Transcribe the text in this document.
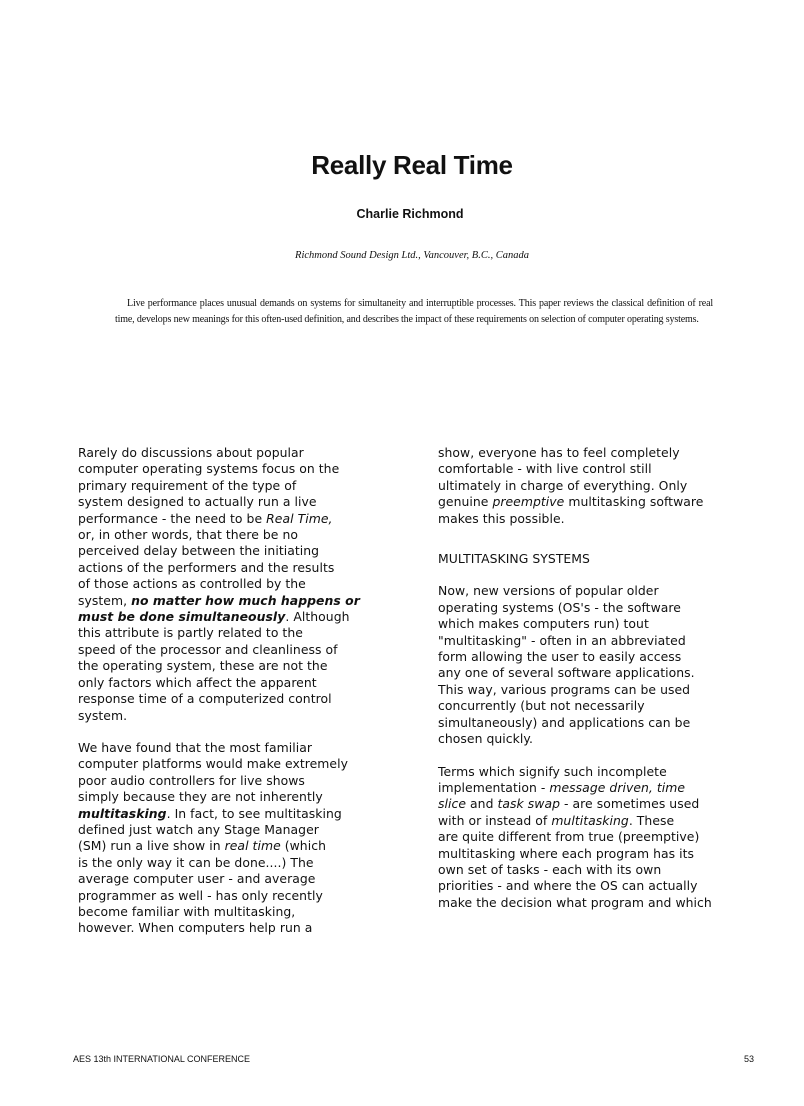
Really Real Time
Charlie Richmond
Richmond Sound Design Ltd., Vancouver, B.C., Canada

Live performance places unusual demands on systems for simultaneity and interruptible processes. This paper reviews the classical definition of real time, develops new meanings for this often-used definition, and describes the impact of these requirements on selection of computer operating systems.

Rarely do discussions about popular
computer operating systems focus on the
primary requirement of the type of
system designed to actually run a live
performance - the need to be Real Time,
or, in other words, that there be no
perceived delay between the initiating
actions of the performers and the results
of those actions as controlled by the
system, no matter how much happens or
must be done simultaneously. Although
this attribute is partly related to the
speed of the processor and cleanliness of
the operating system, these are not the
only factors which affect the apparent
response time of a computerized control
system.

We have found that the most familiar
computer platforms would make extremely
poor audio controllers for live shows
simply because they are not inherently
multitasking. In fact, to see multitasking
defined just watch any Stage Manager
(SM) run a live show in real time (which
is the only way it can be done....) The
average computer user - and average
programmer as well - has only recently
become familiar with multitasking,
however. When computers help run a

show, everyone has to feel completely
comfortable - with live control still
ultimately in charge of everything. Only
genuine preemptive multitasking software
makes this possible.

MULTITASKING SYSTEMS

Now, new versions of popular older
operating systems (OS's - the software
which makes computers run) tout
"multitasking" - often in an abbreviated
form allowing the user to easily access
any one of several software applications.
This way, various programs can be used
concurrently (but not necessarily
simultaneously) and applications can be
chosen quickly.

Terms which signify such incomplete
implementation - message driven, time
slice and task swap - are sometimes used
with or instead of multitasking. These
are quite different from true (preemptive)
multitasking where each program has its
own set of tasks - each with its own
priorities - and where the OS can actually
make the decision what program and which

AES 13th INTERNATIONAL CONFERENCE	53
